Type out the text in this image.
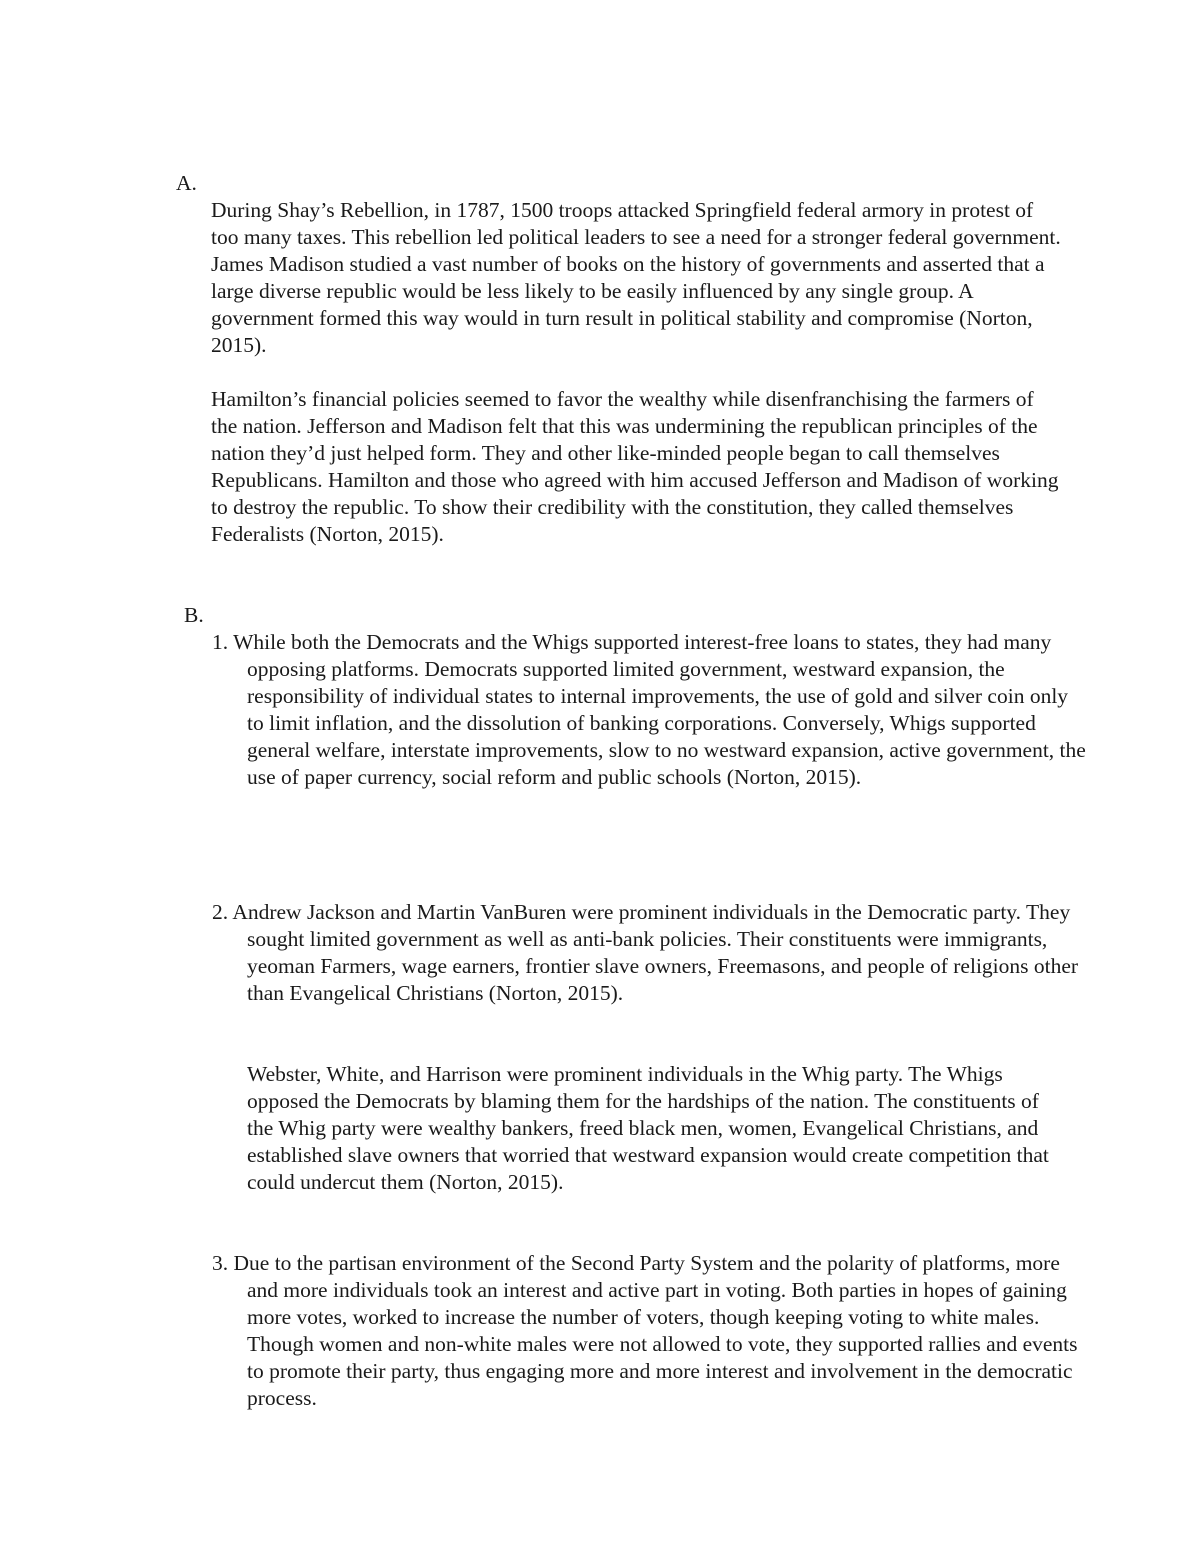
A.

During Shay’s Rebellion, in 1787, 1500 troops attacked Springfield federal armory in protest of too many taxes. This rebellion led political leaders to see a need for a stronger federal government. James Madison studied a vast number of books on the history of governments and asserted that a large diverse republic would be less likely to be easily influenced by any single group. A government formed this way would in turn result in political stability and compromise (Norton, 2015).

Hamilton’s financial policies seemed to favor the wealthy while disenfranchising the farmers of the nation. Jefferson and Madison felt that this was undermining the republican principles of the nation they’d just helped form. They and other like-minded people began to call themselves Republicans. Hamilton and those who agreed with him accused Jefferson and Madison of working to destroy the republic. To show their credibility with the constitution, they called themselves Federalists (Norton, 2015).

B.

1. While both the Democrats and the Whigs supported interest-free loans to states, they had many opposing platforms. Democrats supported limited government, westward expansion, the responsibility of individual states to internal improvements, the use of gold and silver coin only to limit inflation, and the dissolution of banking corporations. Conversely, Whigs supported general welfare, interstate improvements, slow to no westward expansion, active government, the use of paper currency, social reform and public schools (Norton, 2015).

2. Andrew Jackson and Martin VanBuren were prominent individuals in the Democratic party. They sought limited government as well as anti-bank policies. Their constituents were immigrants, yeoman Farmers, wage earners, frontier slave owners, Freemasons, and people of religions other than Evangelical Christians (Norton, 2015).

Webster, White, and Harrison were prominent individuals in the Whig party. The Whigs opposed the Democrats by blaming them for the hardships of the nation. The constituents of the Whig party were wealthy bankers, freed black men, women, Evangelical Christians, and established slave owners that worried that westward expansion would create competition that could undercut them (Norton, 2015).

3. Due to the partisan environment of the Second Party System and the polarity of platforms, more and more individuals took an interest and active part in voting. Both parties in hopes of gaining more votes, worked to increase the number of voters, though keeping voting to white males. Though women and non-white males were not allowed to vote, they supported rallies and events to promote their party, thus engaging more and more interest and involvement in the democratic process.
